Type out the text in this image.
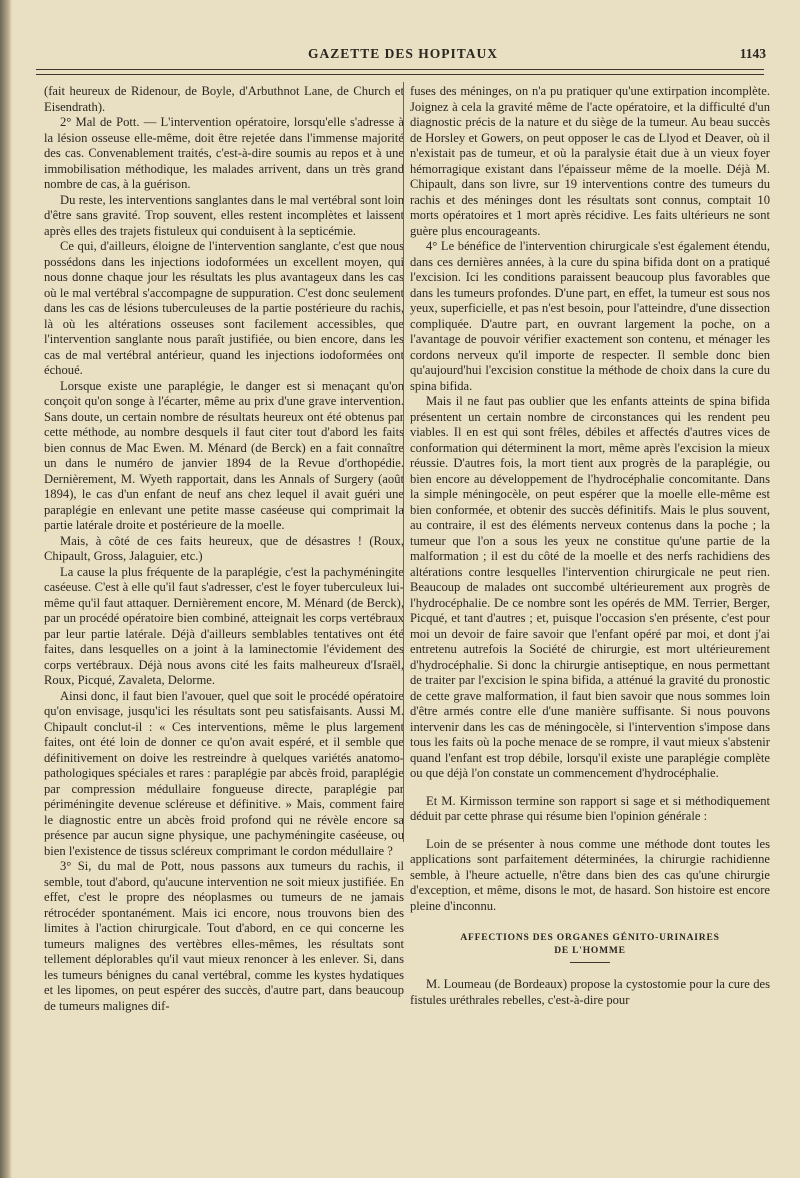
GAZETTE DES HOPITAUX	1143

(fait heureux de Ridenour, de Boyle, d'Arbuthnot Lane, de Church et Eisendrath).

2° Mal de Pott. — L'intervention opératoire, lorsqu'elle s'adresse à la lésion osseuse elle-même, doit être rejetée dans l'immense majorité des cas. Convenablement traités, c'est-à-dire soumis au repos et à une immobilisation méthodique, les malades arrivent, dans un très grand nombre de cas, à la guérison.

Du reste, les interventions sanglantes dans le mal vertébral sont loin d'être sans gravité. Trop souvent, elles restent incomplètes et laissent après elles des trajets fistuleux qui conduisent à la septicémie.

Ce qui, d'ailleurs, éloigne de l'intervention sanglante, c'est que nous possédons dans les injections iodoformées un excellent moyen, qui nous donne chaque jour les résultats les plus avantageux dans les cas où le mal vertébral s'accompagne de suppuration. C'est donc seulement dans les cas de lésions tuberculeuses de la partie postérieure du rachis, là où les altérations osseuses sont facilement accessibles, que l'intervention sanglante nous paraît justifiée, ou bien encore, dans les cas de mal vertébral antérieur, quand les injections iodoformées ont échoué.

Lorsque existe une paraplégie, le danger est si menaçant qu'on conçoit qu'on songe à l'écarter, même au prix d'une grave intervention. Sans doute, un certain nombre de résultats heureux ont été obtenus par cette méthode, au nombre desquels il faut citer tout d'abord les faits bien connus de Mac Ewen. M. Ménard (de Berck) en a fait connaître un dans le numéro de janvier 1894 de la Revue d'orthopédie. Dernièrement, M. Wyeth rapportait, dans les Annals of Surgery (août 1894), le cas d'un enfant de neuf ans chez lequel il avait guéri une paraplégie en enlevant une petite masse caséeuse qui comprimait la partie latérale droite et postérieure de la moelle.

Mais, à côté de ces faits heureux, que de désastres ! (Roux, Chipault, Gross, Jalaguier, etc.)

La cause la plus fréquente de la paraplégie, c'est la pachyméningite caséeuse. C'est à elle qu'il faut s'adresser, c'est le foyer tuberculeux lui-même qu'il faut attaquer. Dernièrement encore, M. Ménard (de Berck), par un procédé opératoire bien combiné, atteignait les corps vertébraux par leur partie latérale. Déjà d'ailleurs semblables tentatives ont été faites, dans lesquelles on a joint à la laminectomie l'évidement des corps vertébraux. Déjà nous avons cité les faits malheureux d'Israël, Roux, Picqué, Zavaleta, Delorme.

Ainsi donc, il faut bien l'avouer, quel que soit le procédé opératoire qu'on envisage, jusqu'ici les résultats sont peu satisfaisants. Aussi M. Chipault conclut-il : « Ces interventions, même le plus largement faites, ont été loin de donner ce qu'on avait espéré, et il semble que définitivement on doive les restreindre à quelques variétés anatomo-pathologiques spéciales et rares : paraplégie par abcès froid, paraplégie par compression médullaire fongueuse directe, paraplégie par périméningite devenue scléreuse et définitive. » Mais, comment faire le diagnostic entre un abcès froid profond qui ne révèle encore sa présence par aucun signe physique, une pachyméningite caséeuse, ou bien l'existence de tissus scléreux comprimant le cordon médullaire ?

3° Si, du mal de Pott, nous passons aux tumeurs du rachis, il semble, tout d'abord, qu'aucune intervention ne soit mieux justifiée. En effet, c'est le propre des néoplasmes ou tumeurs de ne jamais rétrocéder spontanément. Mais ici encore, nous trouvons bien des limites à l'action chirurgicale. Tout d'abord, en ce qui concerne les tumeurs malignes des vertèbres elles-mêmes, les résultats sont tellement déplorables qu'il vaut mieux renoncer à les enlever. Si, dans les tumeurs bénignes du canal vertébral, comme les kystes hydatiques et les lipomes, on peut espérer des succès, d'autre part, dans beaucoup de tumeurs malignes dif-

fuses des méninges, on n'a pu pratiquer qu'une extirpation incomplète. Joignez à cela la gravité même de l'acte opératoire, et la difficulté d'un diagnostic précis de la nature et du siège de la tumeur. Au beau succès de Horsley et Gowers, on peut opposer le cas de Llyod et Deaver, où il n'existait pas de tumeur, et où la paralysie était due à un vieux foyer hémorragique existant dans l'épaisseur même de la moelle. Déjà M. Chipault, dans son livre, sur 19 interventions contre des tumeurs du rachis et des méninges dont les résultats sont connus, comptait 10 morts opératoires et 1 mort après récidive. Les faits ultérieurs ne sont guère plus encourageants.

4° Le bénéfice de l'intervention chirurgicale s'est également étendu, dans ces dernières années, à la cure du spina bifida dont on a pratiqué l'excision. Ici les conditions paraissent beaucoup plus favorables que dans les tumeurs profondes. D'une part, en effet, la tumeur est sous nos yeux, superficielle, et pas n'est besoin, pour l'atteindre, d'une dissection compliquée. D'autre part, en ouvrant largement la poche, on a l'avantage de pouvoir vérifier exactement son contenu, et ménager les cordons nerveux qu'il importe de respecter. Il semble donc bien qu'aujourd'hui l'excision constitue la méthode de choix dans la cure du spina bifida.

Mais il ne faut pas oublier que les enfants atteints de spina bifida présentent un certain nombre de circonstances qui les rendent peu viables. Il en est qui sont frêles, débiles et affectés d'autres vices de conformation qui déterminent la mort, même après l'excision la mieux réussie. D'autres fois, la mort tient aux progrès de la paraplégie, ou bien encore au développement de l'hydrocéphalie concomitante. Dans la simple méningocèle, on peut espérer que la moelle elle-même est bien conformée, et obtenir des succès définitifs. Mais le plus souvent, au contraire, il est des éléments nerveux contenus dans la poche ; la tumeur que l'on a sous les yeux ne constitue qu'une partie de la malformation ; il est du côté de la moelle et des nerfs rachidiens des altérations contre lesquelles l'intervention chirurgicale ne peut rien. Beaucoup de malades ont succombé ultérieurement aux progrès de l'hydrocéphalie. De ce nombre sont les opérés de MM. Terrier, Berger, Picqué, et tant d'autres ; et, puisque l'occasion s'en présente, c'est pour moi un devoir de faire savoir que l'enfant opéré par moi, et dont j'ai entretenu autrefois la Société de chirurgie, est mort ultérieurement d'hydrocéphalie. Si donc la chirurgie antiseptique, en nous permettant de traiter par l'excision le spina bifida, a atténué la gravité du pronostic de cette grave malformation, il faut bien savoir que nous sommes loin d'être armés contre elle d'une manière suffisante. Si nous pouvons intervenir dans les cas de méningocèle, si l'intervention s'impose dans tous les faits où la poche menace de se rompre, il vaut mieux s'abstenir quand l'enfant est trop débile, lorsqu'il existe une paraplégie complète ou que déjà l'on constate un commencement d'hydrocéphalie.

Et M. Kirmisson termine son rapport si sage et si méthodiquement déduit par cette phrase qui résume bien l'opinion générale :

Loin de se présenter à nous comme une méthode dont toutes les applications sont parfaitement déterminées, la chirurgie rachidienne semble, à l'heure actuelle, n'être dans bien des cas qu'une chirurgie d'exception, et même, disons le mot, de hasard. Son histoire est encore pleine d'inconnu.

AFFECTIONS DES ORGANES GÉNITO-URINAIRES
DE L'HOMME

M. Loumeau (de Bordeaux) propose la cystostomie pour la cure des fistules uréthrales rebelles, c'est-à-dire pour
